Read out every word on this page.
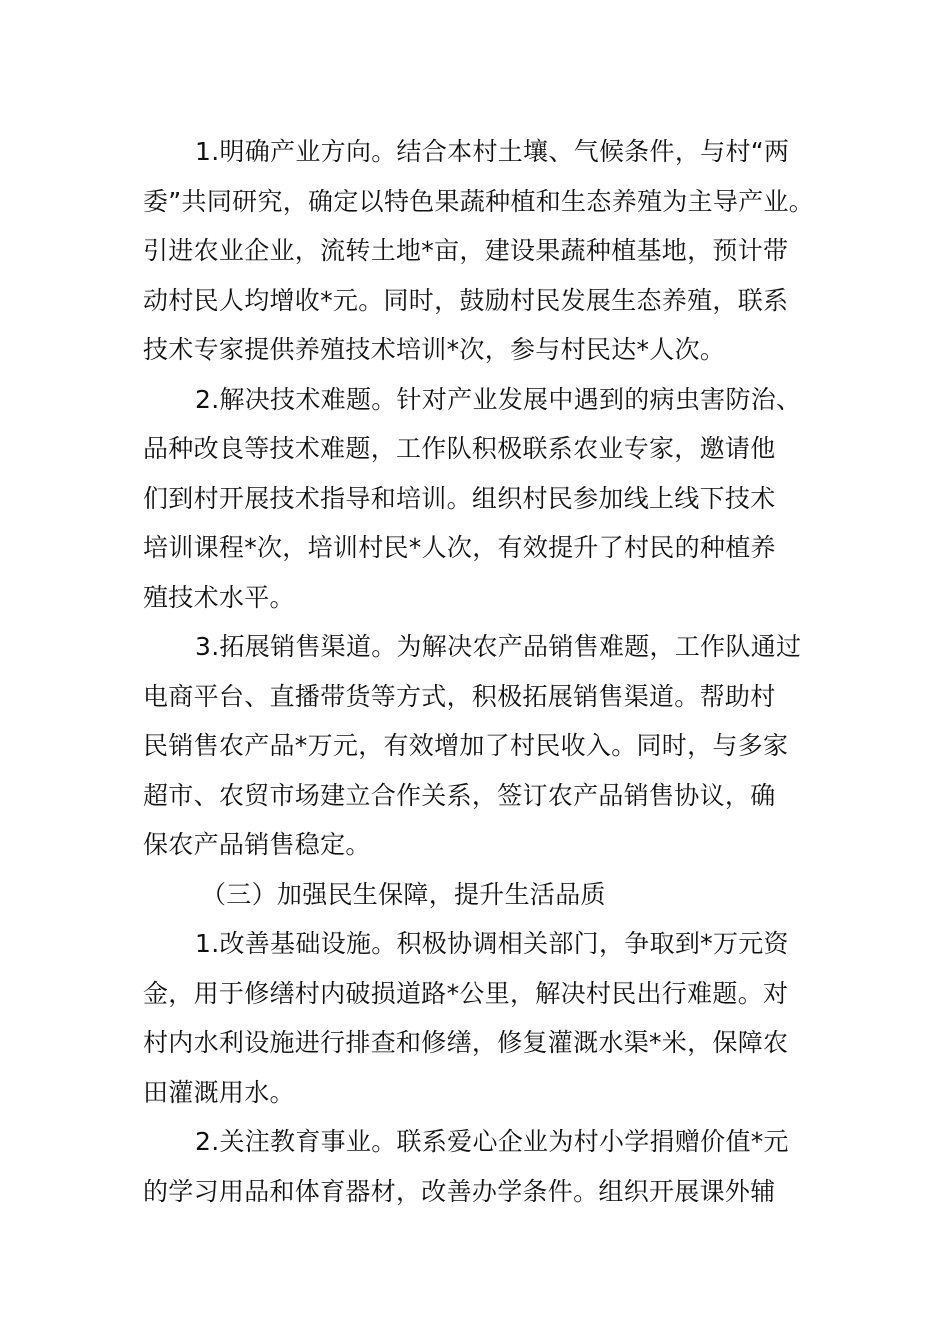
1.明确产业方向。结合本村土壤、气候条件，与村“两
委”共同研究，确定以特色果蔬种植和生态养殖为主导产业。
引进农业企业，流转土地*亩，建设果蔬种植基地，预计带
动村民人均增收*元。同时，鼓励村民发展生态养殖，联系
技术专家提供养殖技术培训*次，参与村民达*人次。

2.解决技术难题。针对产业发展中遇到的病虫害防治、
品种改良等技术难题，工作队积极联系农业专家，邀请他
们到村开展技术指导和培训。组织村民参加线上线下技术
培训课程*次，培训村民*人次，有效提升了村民的种植养
殖技术水平。

3.拓展销售渠道。为解决农产品销售难题，工作队通过
电商平台、直播带货等方式，积极拓展销售渠道。帮助村
民销售农产品*万元，有效增加了村民收入。同时，与多家
超市、农贸市场建立合作关系，签订农产品销售协议，确
保农产品销售稳定。

（三）加强民生保障，提升生活品质

1.改善基础设施。积极协调相关部门，争取到*万元资
金，用于修缮村内破损道路*公里，解决村民出行难题。对
村内水利设施进行排查和修缮，修复灌溉水渠*米，保障农
田灌溉用水。

2.关注教育事业。联系爱心企业为村小学捐赠价值*元
的学习用品和体育器材，改善办学条件。组织开展课外辅
